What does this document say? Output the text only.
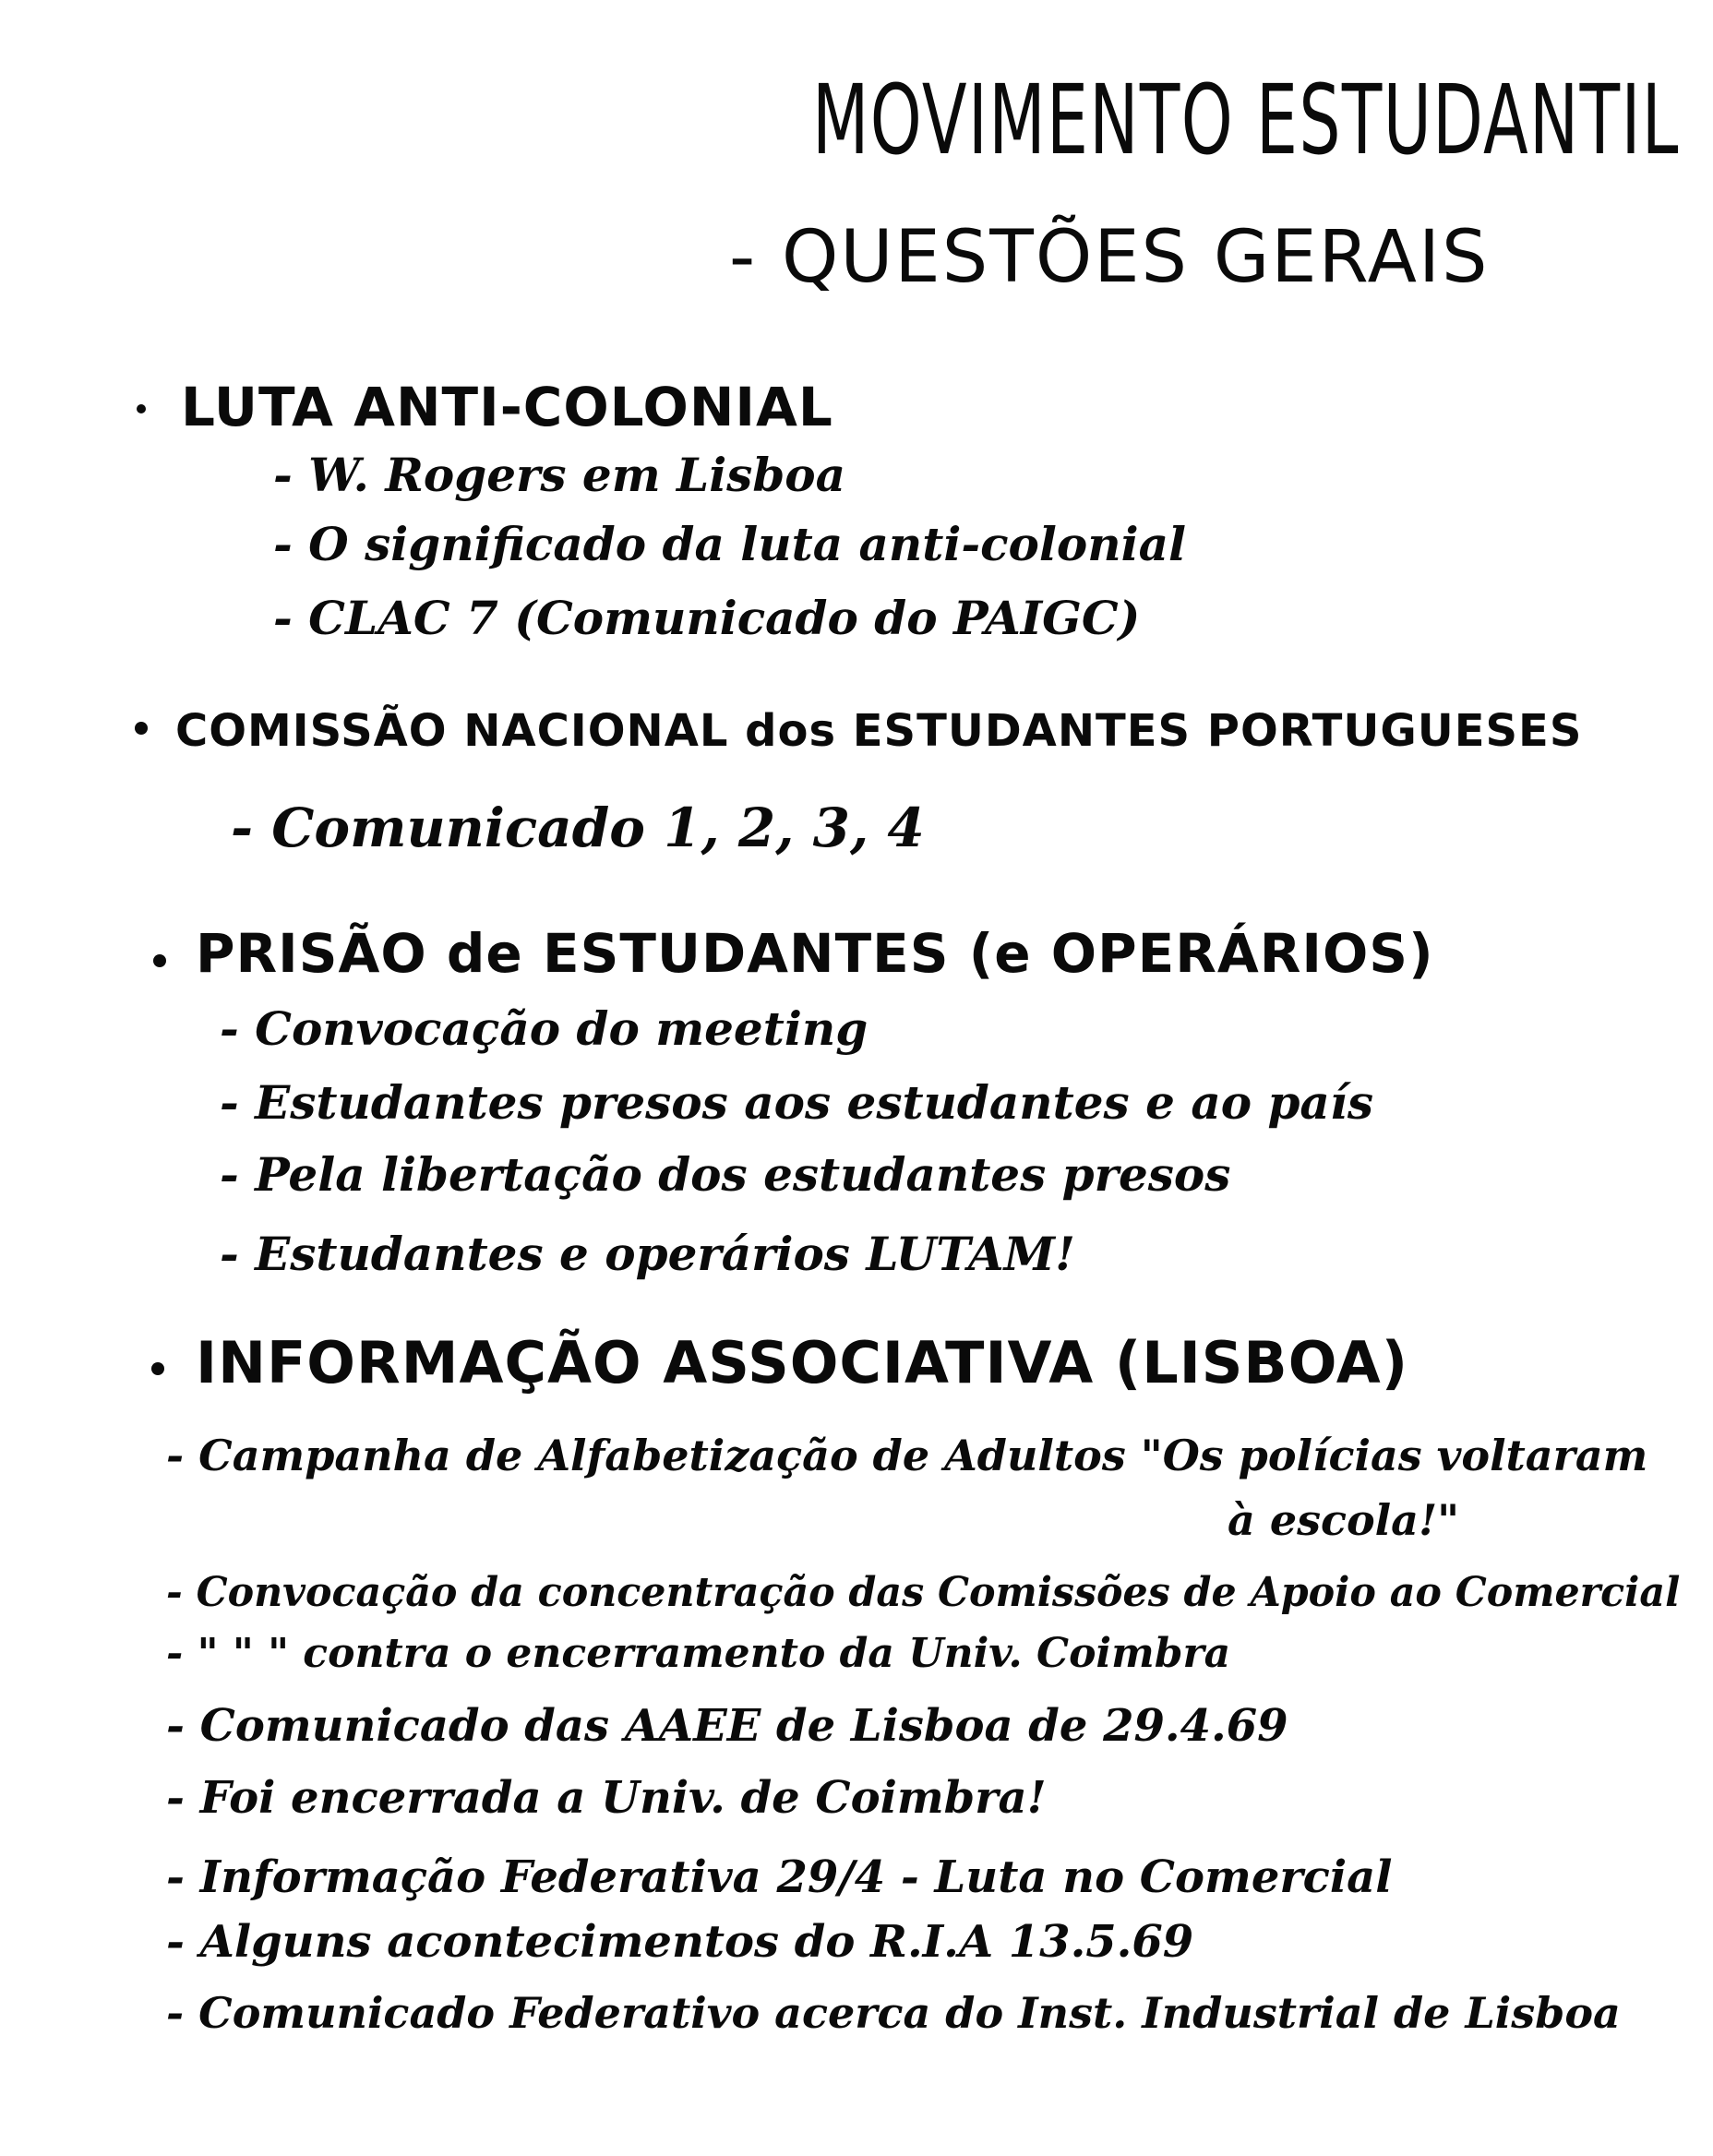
MOVIMENTO ESTUDANTIL
- QUESTÕES GERAIS
LUTA ANTI-COLONIAL
- W. Rogers em Lisboa
- O significado da luta anti-colonial
- CLAC 7 (Comunicado do PAIGC)
COMISSÃO NACIONAL dos ESTUDANTES PORTUGUESES
- Comunicado 1, 2, 3, 4
PRISÃO de ESTUDANTES (e OPERÁRIOS)
- Convocação do meeting
- Estudantes presos aos estudantes e ao país
- Pela libertação dos estudantes presos
- Estudantes e operários LUTAM!
INFORMAÇÃO ASSOCIATIVA (LISBOA)
- Campanha de Alfabetização de Adultos "Os polícias voltaram
à escola!"
- Convocação da concentração das Comissões de Apoio ao Comercial
- " " " contra o encerramento da Univ. Coimbra
- Comunicado das AAEE de Lisboa de 29.4.69
- Foi encerrada a Univ. de Coimbra!
- Informação Federativa 29/4 - Luta no Comercial
- Alguns acontecimentos do R.I.A 13.5.69
- Comunicado Federativo acerca do Inst. Industrial de Lisboa
